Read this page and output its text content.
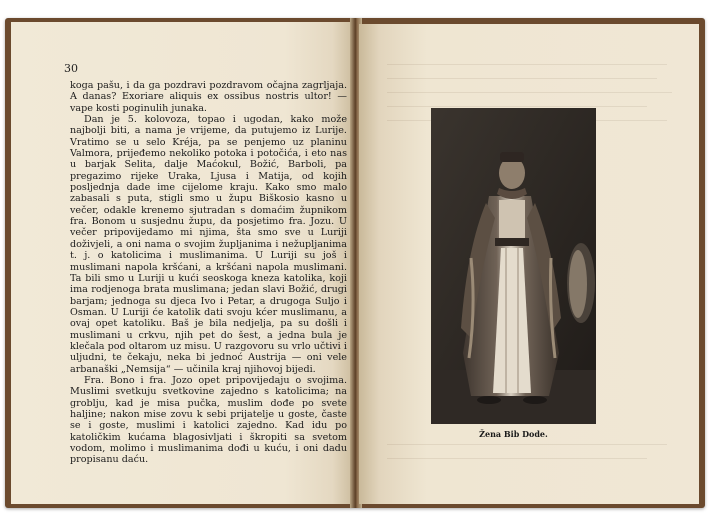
30

koga pašu, i da ga pozdravi pozdravom očajna zagrljaja. A danas? Exoriare aliquis ex ossibus nostris ultor! — vape kosti poginulih junaka.

Dan je 5. kolovoza, topao i ugodan, kako može najbolji biti, a nama je vrijeme, da putujemo iz Lurije. Vratimo se u selo Kréja, pa se penjemo uz planinu Valmora, prijeđemo nekoliko potoka i potočića, i eto nas u barjak Selita, dalje Maćokul, Božić, Barboli, pa pregazimo rijeke Uraka, Ljusa i Matija, od kojih posljednja dade ime cijelome kraju. Kako smo malo zabasali s puta, stigli smo u župu Biškosio kasno u večer, odakle krenemo sjutradan s domaćim župnikom fra. Bonom u susjednu župu, da posjetimo fra. Jozu. U večer pripovijedamo mi njima, šta smo sve u Luriji doživjeli, a oni nama o svojim župljanima i nežupljanima t. j. o katolicima i muslimanima. U Luriji su još i muslimani napola kršćani, a kršćani napola muslimani. Ta bili smo u Luriji u kući seoskoga kneza katolika, koji ima rodjenoga brata muslimana; jedan slavi Božić, drugi barjam; jednoga su djeca Ivo i Petar, a drugoga Suljo i Osman. U Luriji će katolik dati svoju kćer muslimanu, a ovaj opet katoliku. Baš je bila nedjelja, pa su došli i muslimani u crkvu, njih pet do šest, a jedna bula je klečala pod oltarom uz misu. U razgovoru su vrlo učtivi i uljudni, te čekaju, neka bi jednoć Austrija — oni vele arbanaški „Nemsija“ — učinila kraj njihovoj bijedi.

Fra. Bono i fra. Jozo opet pripovijedaju o svojima. Muslimi svetkuju svetkovine zajedno s katolicima; na groblju, kad je misa pučka, muslim dođe po svete haljine; nakon mise zovu k sebi prijatelje u goste, časte se i goste, muslimi i katolici zajedno. Kad idu po katoličkim kućama blagosivljati i škropiti sa svetom vodom, molimo i muslimanima dođi u kuću, i oni dadu propisanu daću.

Žena Bib Dode.
